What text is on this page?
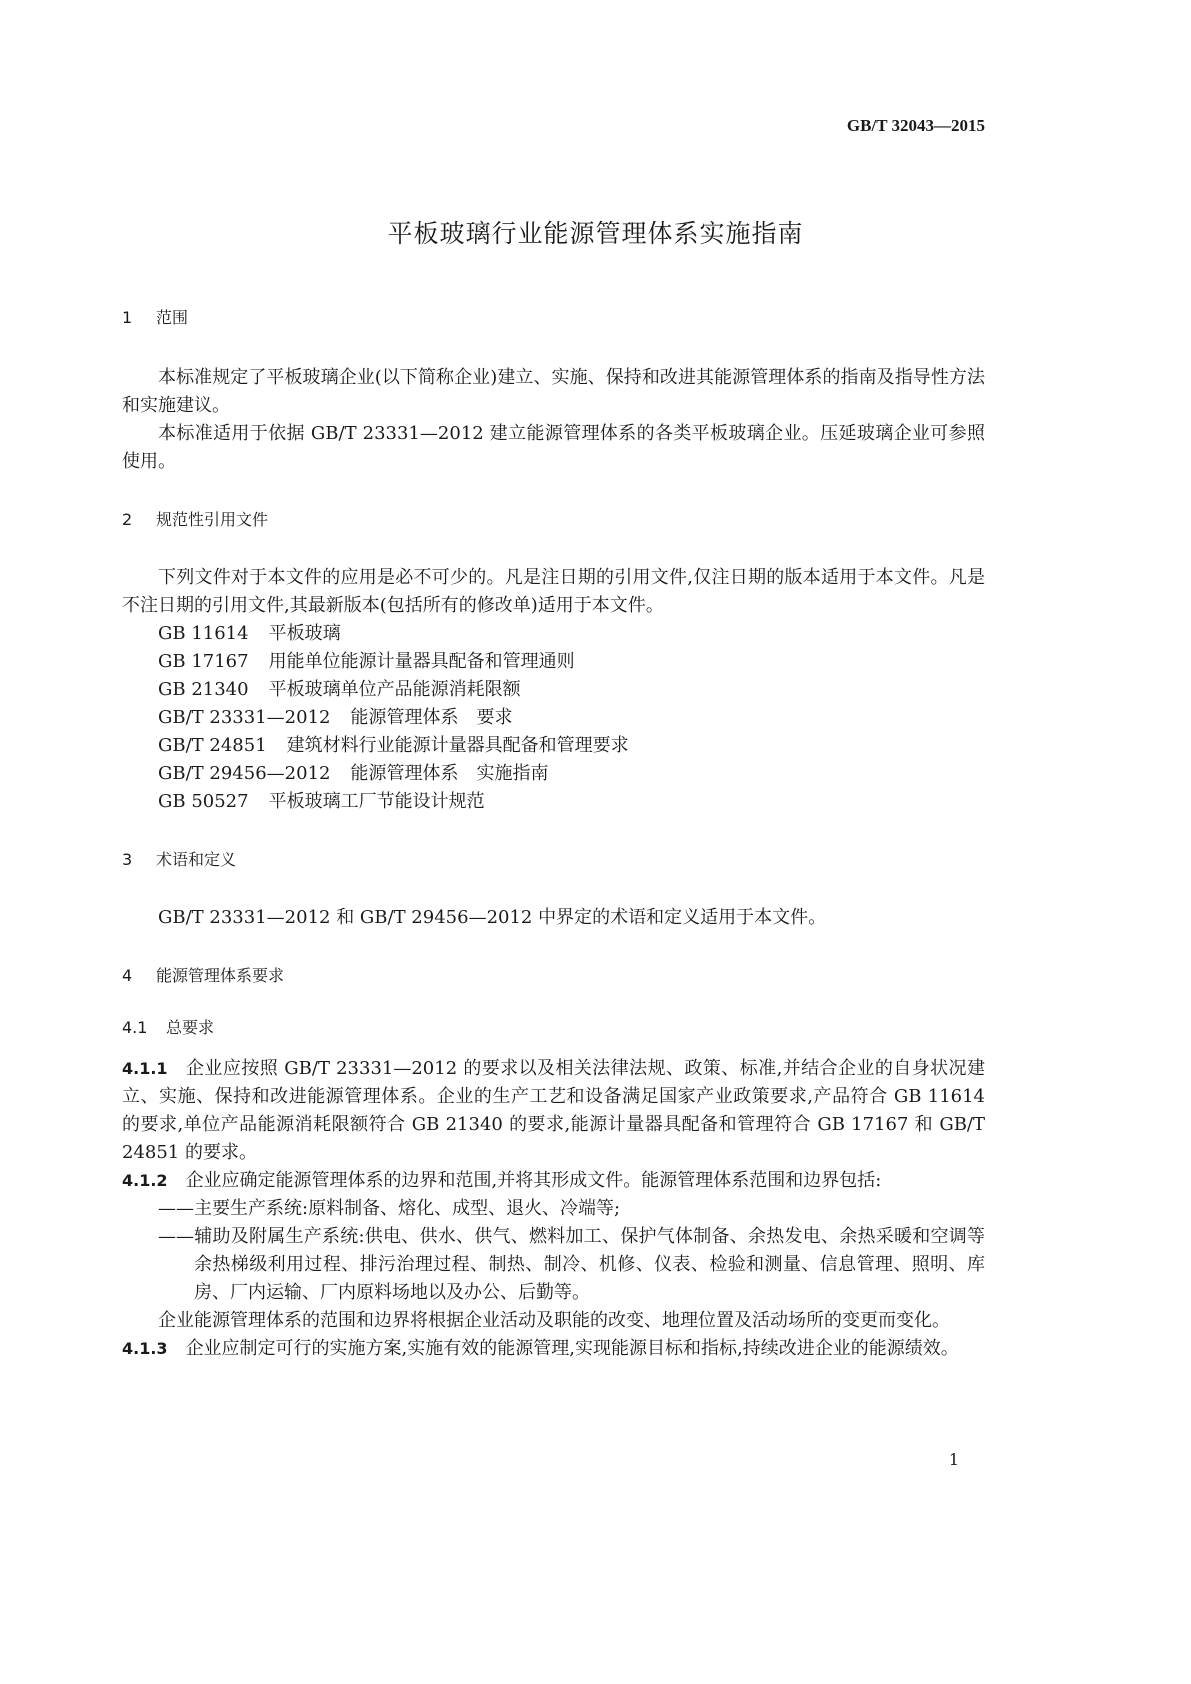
GB/T 32043—2015
平板玻璃行业能源管理体系实施指南
1 范围

本标准规定了平板玻璃企业(以下简称企业)建立、实施、保持和改进其能源管理体系的指南及指导性方法和实施建议。

本标准适用于依据 GB/T 23331—2012 建立能源管理体系的各类平板玻璃企业。压延玻璃企业可参照使用。

2 规范性引用文件

下列文件对于本文件的应用是必不可少的。凡是注日期的引用文件,仅注日期的版本适用于本文件。凡是不注日期的引用文件,其最新版本(包括所有的修改单)适用于本文件。

GB 11614 平板玻璃
GB 17167 用能单位能源计量器具配备和管理通则
GB 21340 平板玻璃单位产品能源消耗限额
GB/T 23331—2012 能源管理体系　要求
GB/T 24851 建筑材料行业能源计量器具配备和管理要求
GB/T 29456—2012 能源管理体系　实施指南
GB 50527 平板玻璃工厂节能设计规范
3 术语和定义

GB/T 23331—2012 和 GB/T 29456—2012 中界定的术语和定义适用于本文件。

4 能源管理体系要求
4.1 总要求

4.1.1 企业应按照 GB/T 23331—2012 的要求以及相关法律法规、政策、标准,并结合企业的自身状况建立、实施、保持和改进能源管理体系。企业的生产工艺和设备满足国家产业政策要求,产品符合 GB 11614 的要求,单位产品能源消耗限额符合 GB 21340 的要求,能源计量器具配备和管理符合 GB 17167 和 GB/T 24851 的要求。

4.1.2 企业应确定能源管理体系的边界和范围,并将其形成文件。能源管理体系范围和边界包括:

——主要生产系统:原料制备、熔化、成型、退火、冷端等;
——辅助及附属生产系统:供电、供水、供气、燃料加工、保护气体制备、余热发电、余热采暖和空调等余热梯级利用过程、排污治理过程、制热、制冷、机修、仪表、检验和测量、信息管理、照明、库房、厂内运输、厂内原料场地以及办公、后勤等。

企业能源管理体系的范围和边界将根据企业活动及职能的改变、地理位置及活动场所的变更而变化。

4.1.3 企业应制定可行的实施方案,实施有效的能源管理,实现能源目标和指标,持续改进企业的能源绩效。

1
